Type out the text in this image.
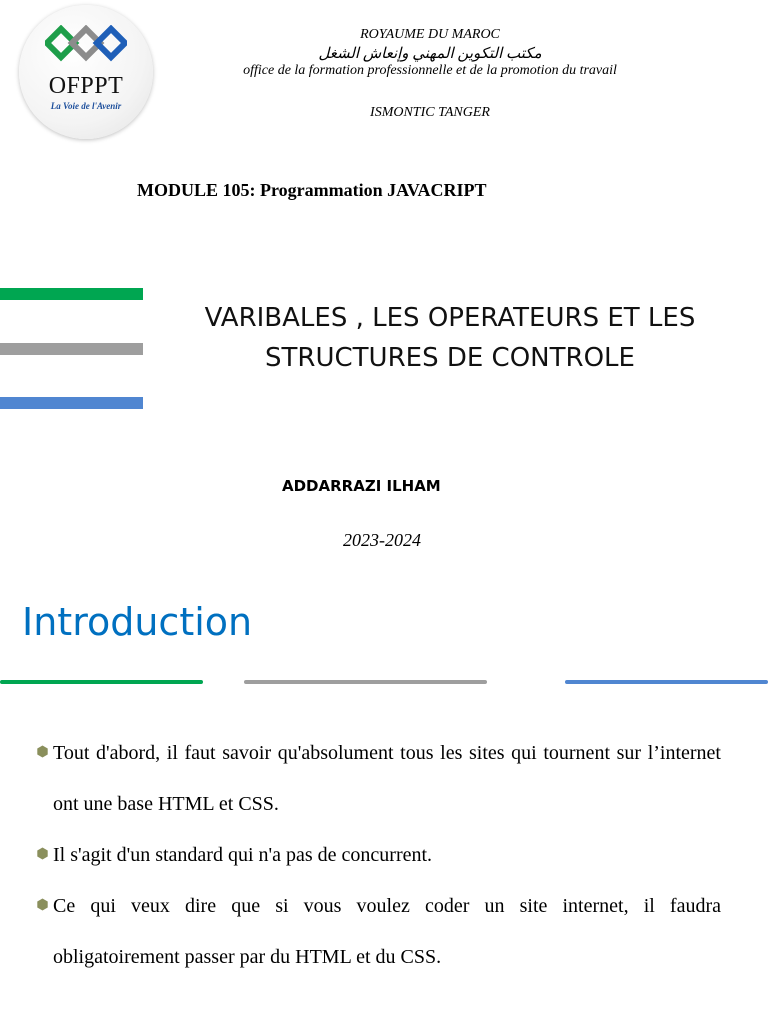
OFPPT
La Voie de l'Avenir
ROYAUME DU MAROC
مكتب التكوين المهني وإنعاش الشغل
office de la formation professionnelle et de la promotion du travail
ISMONTIC TANGER
MODULE 105: Programmation JAVACRIPT
VARIBALES , LES OPERATEURS ET LES
STRUCTURES DE CONTROLE
ADDARRAZI ILHAM
2023-2024
Introduction
Tout d'abord, il faut savoir qu'absolument tous les sites qui tournent sur l’internet ont une base HTML et CSS.
Il s'agit d'un standard qui n'a pas de concurrent.
Ce qui veux dire que si vous voulez coder un site internet, il faudra obligatoirement passer par du HTML et du CSS.
